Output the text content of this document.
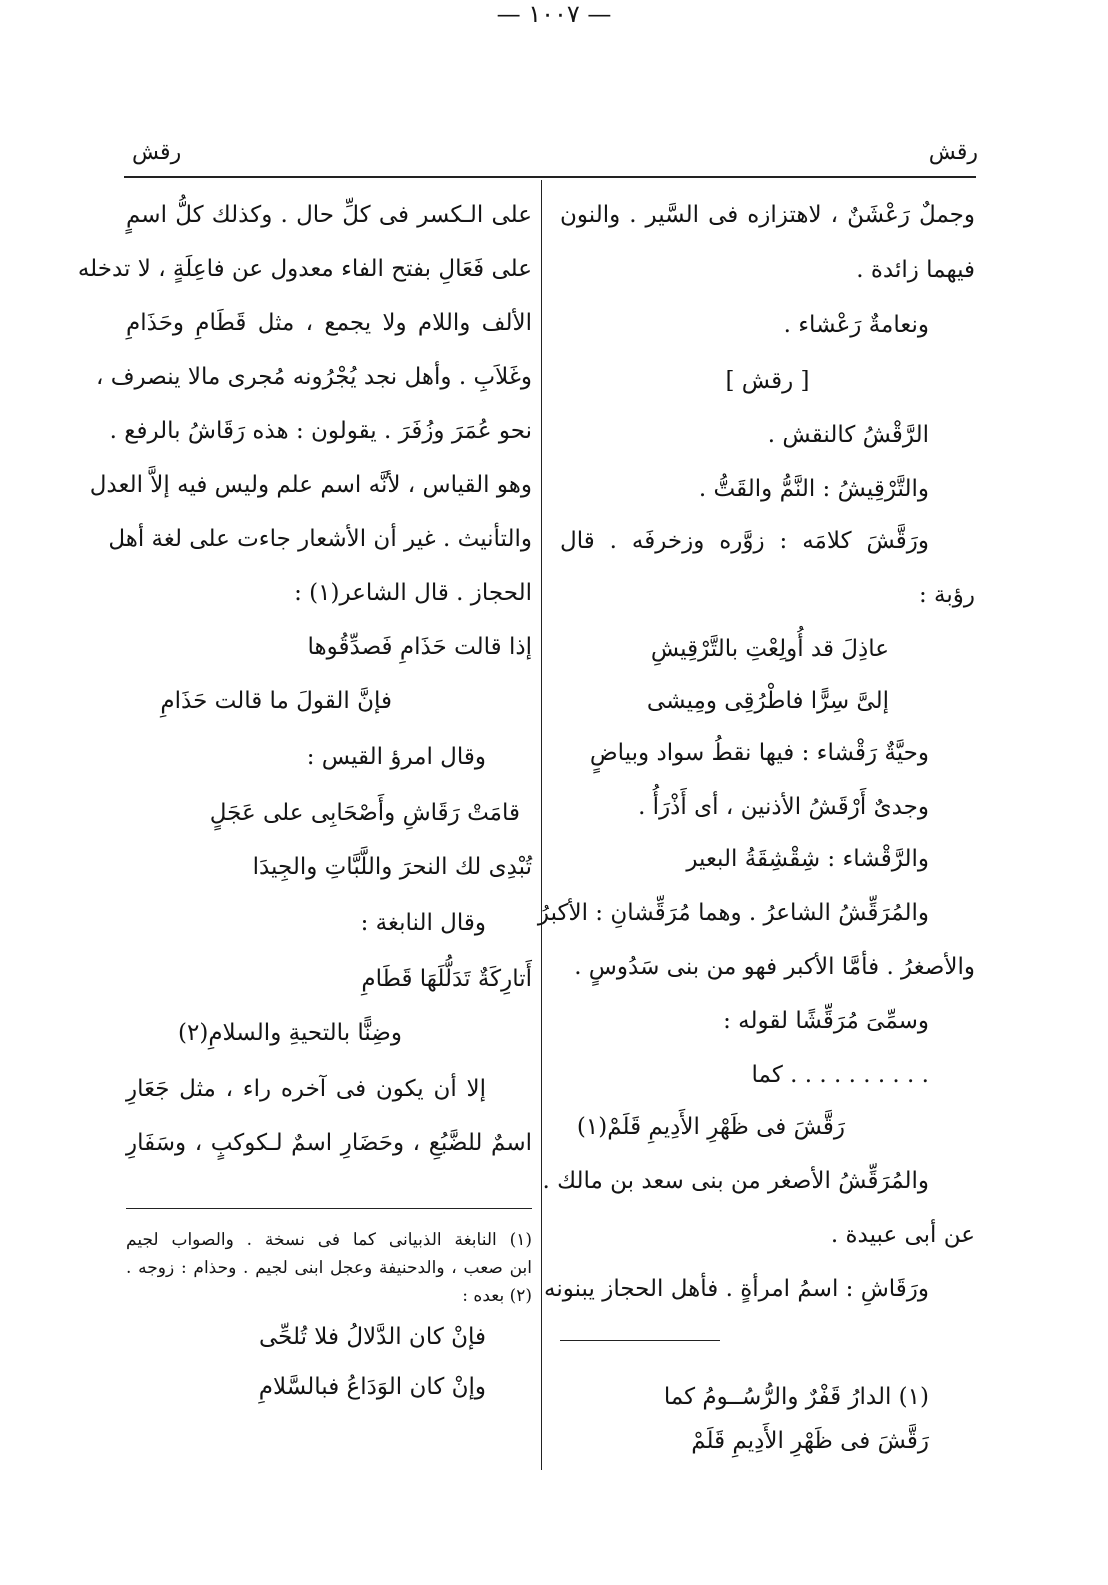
رقش
— ١٠٠٧ —
رقش
وجملٌ رَعْشَنٌ ، لاهتزازه فى السَّير . والنون
فيهما زائدة .
ونعامةٌ رَعْشاء .
[ رقش ]
الرَّقْشُ كالنقش .
والتَّرْقِيشُ : النَّمُّ والقَتُّ .
ورَقَّشَ كلامَه : زوَّره وزخرفَه . قال
رؤبة :
عاذِلَ قد أُولِعْتِ بالتَّرْقِيشِ
إلىَّ سِرًّا فاطْرُقِى ومِيشى
وحيَّةٌ رَقْشاء : فيها نقطُ سواد وبياضٍ
وجدىٌ أَرْقَشُ الأذنين ، أى أَذْرَأُ .
والرَّقْشاء : شِقْشِقَةُ البعير
والمُرَقِّشُ الشاعرُ . وهما مُرَقِّشانِ : الأكبرُ
والأصغرُ . فأمَّا الأكبر فهو من بنى سَدُوسٍ .
وسمِّىَ مُرَقِّشًا لقوله :
. . . . . . . . . . كما
رَقَّشَ فى ظَهْرِ الأَدِيمِ قَلَمْ(١)
والمُرَقِّشُ الأصغر من بنى سعد بن مالك .
عن أبى عبيدة .
ورَقَاشِ : اسمُ امرأةٍ . فأهل الحجاز يبنونه
(١) الدارُ قَفْرٌ والرُّسُــومُ كما
رَقَّشَ فى ظَهْرِ الأَدِيمِ قَلَمْ
على الـكسر فى كلِّ حال . وكذلك كلُّ اسمٍ
على فَعَالِ بفتح الفاء معدول عن فاعِلَةٍ ، لا تدخله
الألف واللام ولا يجمع ، مثل قَطَامِ وحَذَامِ
وغَلاَبِ . وأهل نجد يُجْرُونه مُجرى مالا ينصرف ،
نحو عُمَرَ وزُفَرَ . يقولون : هذه رَقَاشُ بالرفع .
وهو القياس ، لأنَّه اسم علم وليس فيه إلاَّ العدل
والتأنيث . غير أن الأشعار جاءت على لغة أهل
الحجاز . قال الشاعر(١) :
إذا قالت حَذَامِ فَصدِّقُوها
فإنَّ القولَ ما قالت حَذَامِ
وقال امرؤ القيس :
قامَتْ رَقَاشِ وأَصْحَابِى على عَجَلٍ
تُبْدِى لك النحرَ واللَّبَّاتِ والجِيدَا
وقال النابغة :
أَتارِكَةٌ تَدَلُّلَهَا قَطَامِ
وضِنًّا بالتحيةِ والسلامِ(٢)
إلا أن يكون فى آخره راء ، مثل جَعَارِ
اسمٌ للضَّبُعِ ، وحَضَارِ اسمٌ لـكوكبٍ ، وسَفَارِ
(١) النابغة الذبيانى كما فى نسخة . والصواب لجيم
ابن صعب ، والدحنيفة وعجل ابنى لجيم . وحذام : زوجه .
(٢) بعده :
فإنْ كان الدَّلالُ فلا تُلحِّى
وإنْ كان الوَدَاعُ فبالسَّلامِ
